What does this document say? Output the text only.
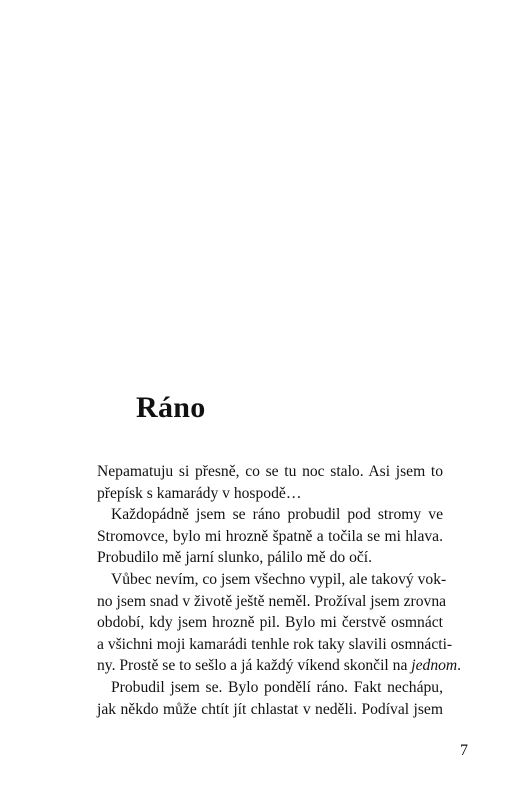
Ráno
Nepamatuju si přesně, co se tu noc stalo. Asi jsem to
přepísk s kamarády v hospodě…
Každopádně jsem se ráno probudil pod stromy ve
Stromovce, bylo mi hrozně špatně a točila se mi hlava.
Probudilo mě jarní slunko, pálilo mě do očí.
Vůbec nevím, co jsem všechno vypil, ale takový vok-
no jsem snad v životě ještě neměl. Prožíval jsem zrovna
období, kdy jsem hrozně pil. Bylo mi čerstvě osmnáct
a všichni moji kamarádi tenhle rok taky slavili osmnácti-
ny. Prostě se to sešlo a já každý víkend skončil na jednom.
Probudil jsem se. Bylo pondělí ráno. Fakt nechápu,
jak někdo může chtít jít chlastat v neděli. Podíval jsem
7
